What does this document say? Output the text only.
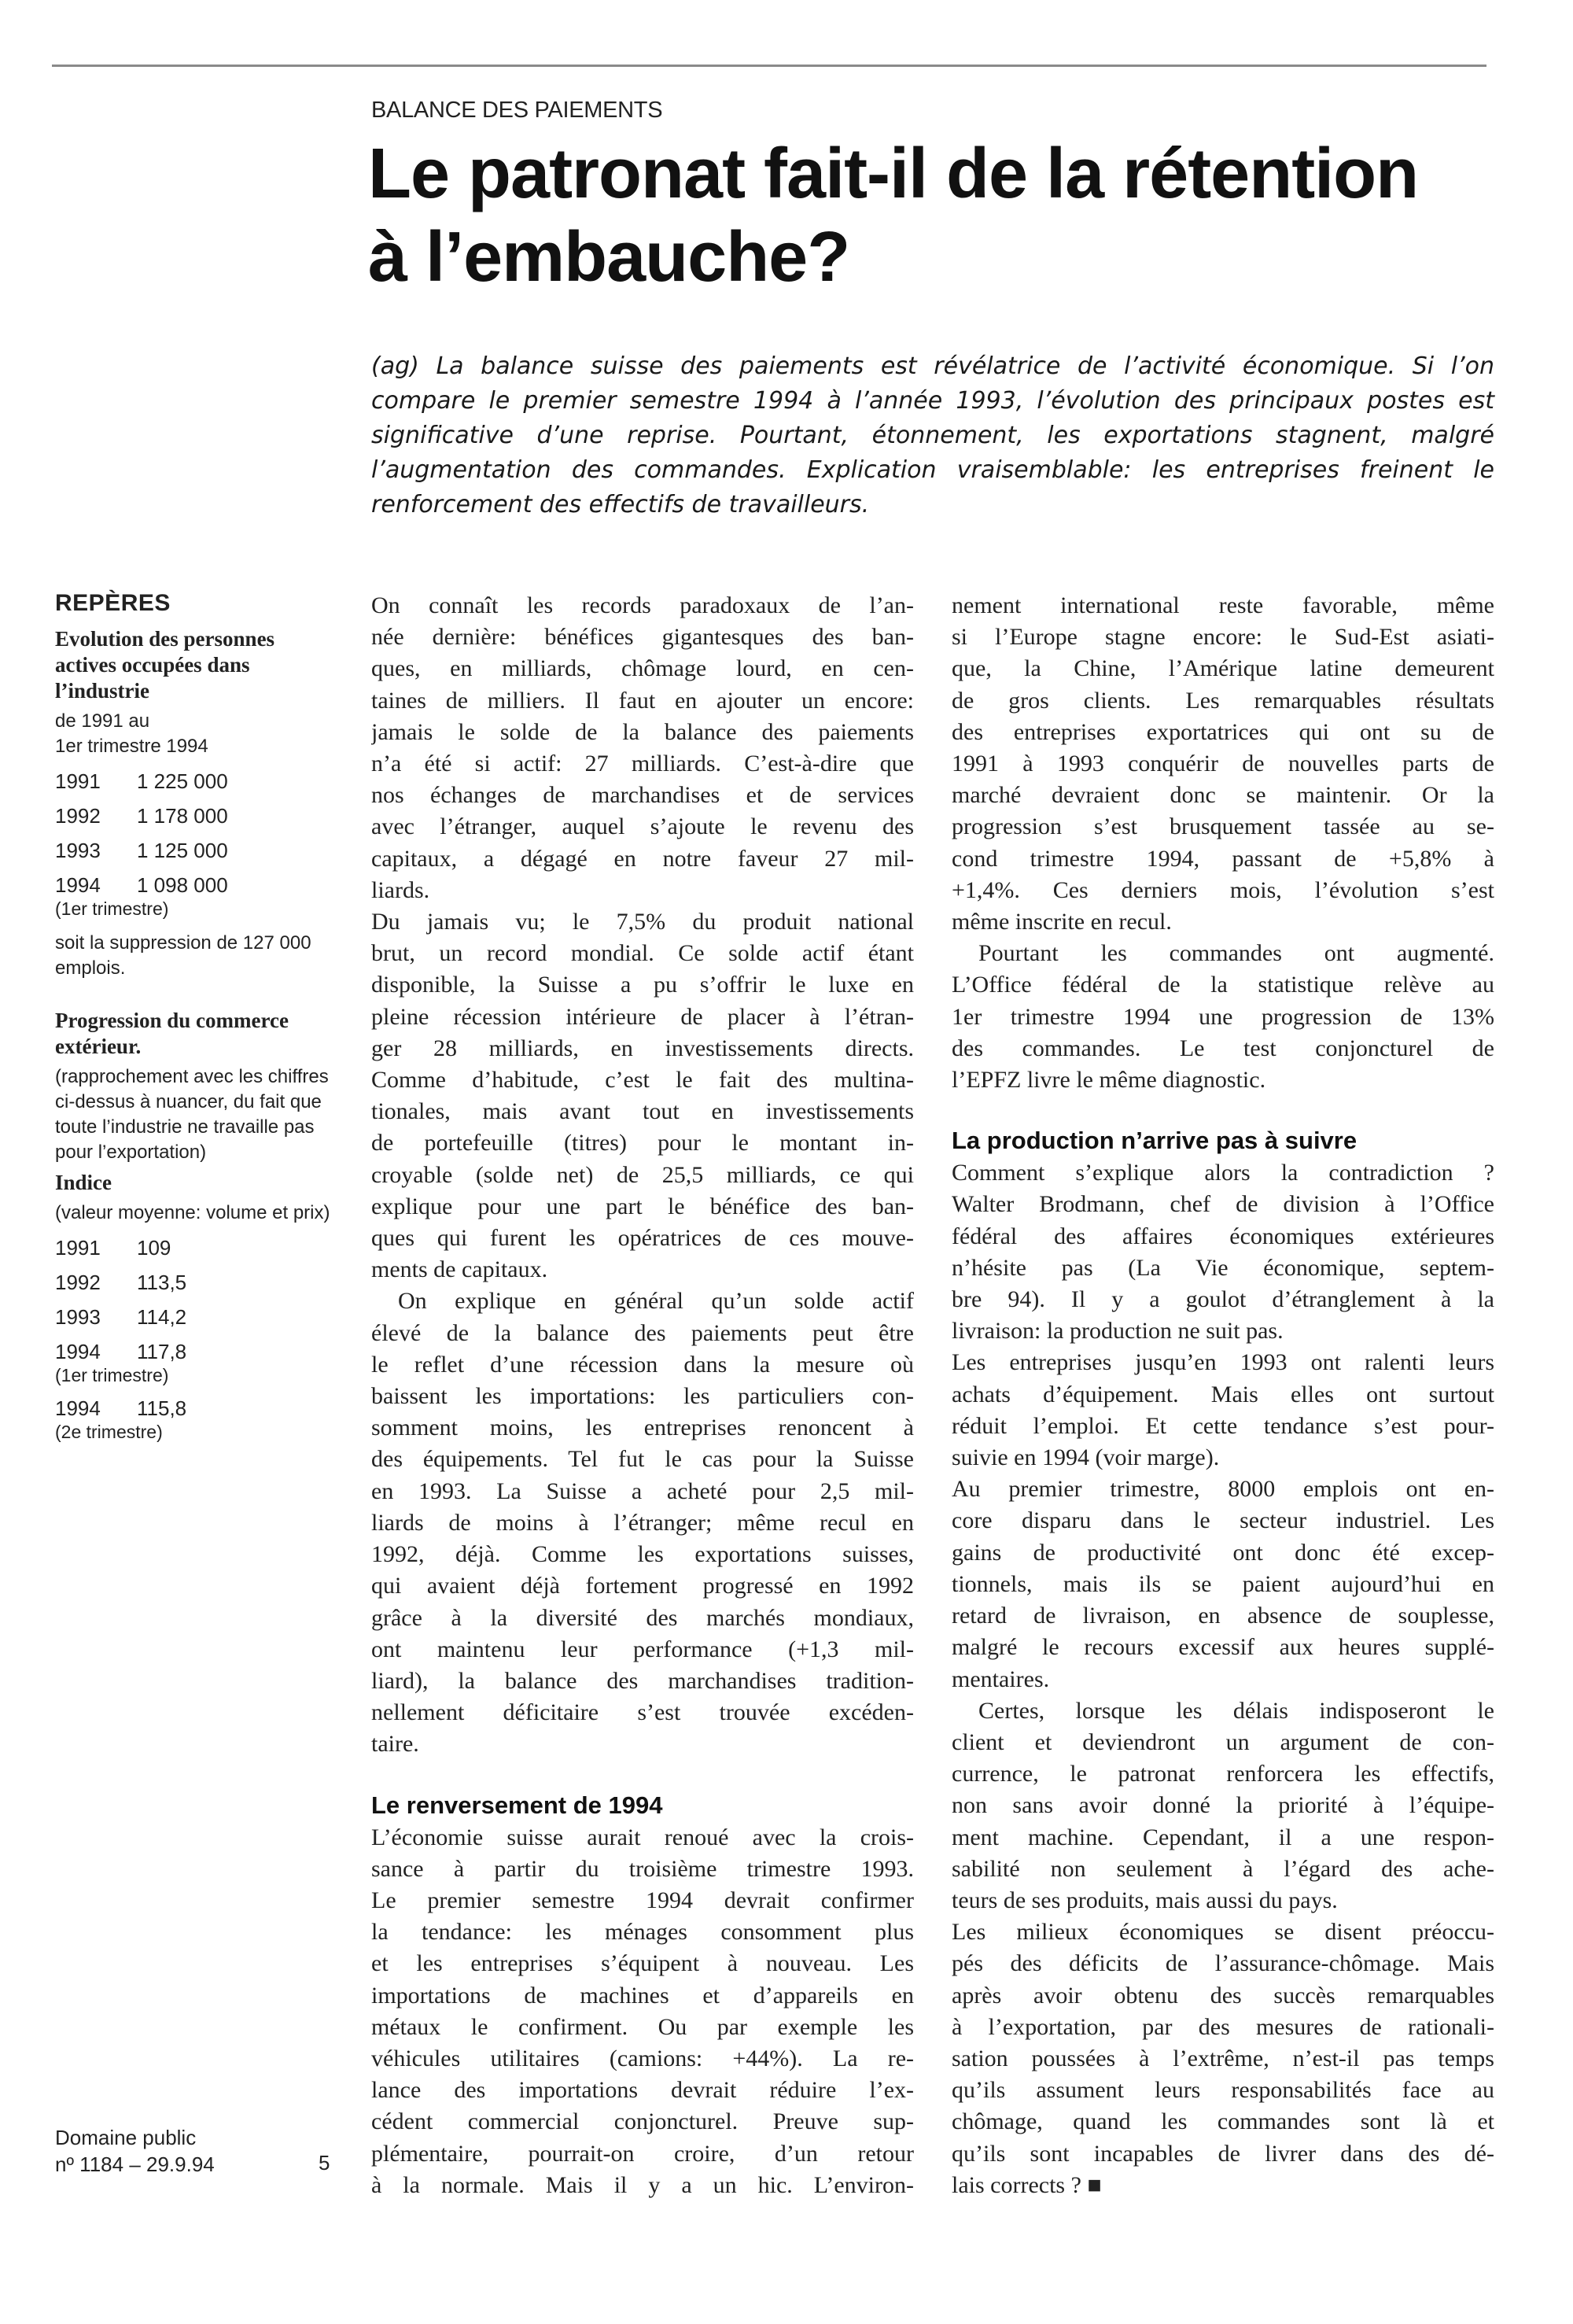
BALANCE DES PAIEMENTS
Le patronat fait-il de la rétention
à l’embauche?
(ag) La balance suisse des paiements est révélatrice de l’activité économique. Si l’on
compare le premier semestre 1994 à l’année 1993, l’évolution des principaux postes est
significative d’une reprise. Pourtant, étonnement, les exportations stagnent, malgré
l’augmentation des commandes. Explication vraisemblable: les entreprises freinent le
renforcement des effectifs de travailleurs.
REPÈRES
Evolution des personnes actives occupées dans l’industrie
de 1991 au
1er trimestre 1994
1991	1 225 000
1992	1 178 000
1993	1 125 000
1994	1 098 000
(1er trimestre)
soit la suppression de 127 000 emplois.
Progression du commerce extérieur.
(rapprochement avec les chiffres ci-dessus à nuancer, du fait que toute l’industrie ne travaille pas pour l’exportation)
Indice
(valeur moyenne: volume et prix)
1991	109
1992	113,5
1993	114,2
1994	117,8
(1er trimestre)
1994	115,8
(2e trimestre)
On connaît les records paradoxaux de l’an-
née dernière: bénéfices gigantesques des ban-
ques, en milliards, chômage lourd, en cen-
taines de milliers. Il faut en ajouter un encore:
jamais le solde de la balance des paiements
n’a été si actif: 27 milliards. C’est-à-dire que
nos échanges de marchandises et de services
avec l’étranger, auquel s’ajoute le revenu des
capitaux, a dégagé en notre faveur 27 mil-
liards.
Du jamais vu; le 7,5% du produit national
brut, un record mondial. Ce solde actif étant
disponible, la Suisse a pu s’offrir le luxe en
pleine récession intérieure de placer à l’étran-
ger 28 milliards, en investissements directs.
Comme d’habitude, c’est le fait des multina-
tionales, mais avant tout en investissements
de portefeuille (titres) pour le montant in-
croyable (solde net) de 25,5 milliards, ce qui
explique pour une part le bénéfice des ban-
ques qui furent les opératrices de ces mouve-
ments de capitaux.
On explique en général qu’un solde actif
élevé de la balance des paiements peut être
le reflet d’une récession dans la mesure où
baissent les importations: les particuliers con-
somment moins, les entreprises renoncent à
des équipements. Tel fut le cas pour la Suisse
en 1993. La Suisse a acheté pour 2,5 mil-
liards de moins à l’étranger; même recul en
1992, déjà. Comme les exportations suisses,
qui avaient déjà fortement progressé en 1992
grâce à la diversité des marchés mondiaux,
ont maintenu leur performance (+1,3 mil-
liard), la balance des marchandises tradition-
nellement déficitaire s’est trouvée excéden-
taire.
Le renversement de 1994
L’économie suisse aurait renoué avec la crois-
sance à partir du troisième trimestre 1993.
Le premier semestre 1994 devrait confirmer
la tendance: les ménages consomment plus
et les entreprises s’équipent à nouveau. Les
importations de machines et d’appareils en
métaux le confirment. Ou par exemple les
véhicules utilitaires (camions: +44%). La re-
lance des importations devrait réduire l’ex-
cédent commercial conjoncturel. Preuve sup-
plémentaire, pourrait-on croire, d’un retour
à la normale. Mais il y a un hic. L’environ-
nement international reste favorable, même
si l’Europe stagne encore: le Sud-Est asiati-
que, la Chine, l’Amérique latine demeurent
de gros clients. Les remarquables résultats
des entreprises exportatrices qui ont su de
1991 à 1993 conquérir de nouvelles parts de
marché devraient donc se maintenir. Or la
progression s’est brusquement tassée au se-
cond trimestre 1994, passant de +5,8% à
+1,4%. Ces derniers mois, l’évolution s’est
même inscrite en recul.
Pourtant les commandes ont augmenté.
L’Office fédéral de la statistique relève au
1er trimestre 1994 une progression de 13%
des commandes. Le test conjoncturel de
l’EPFZ livre le même diagnostic.
La production n’arrive pas à suivre
Comment s’explique alors la contradiction ?
Walter Brodmann, chef de division à l’Office
fédéral des affaires économiques extérieures
n’hésite pas (La Vie économique, septem-
bre 94). Il y a goulot d’étranglement à la
livraison: la production ne suit pas.
Les entreprises jusqu’en 1993 ont ralenti leurs
achats d’équipement. Mais elles ont surtout
réduit l’emploi. Et cette tendance s’est pour-
suivie en 1994 (voir marge).
Au premier trimestre, 8000 emplois ont en-
core disparu dans le secteur industriel. Les
gains de productivité ont donc été excep-
tionnels, mais ils se paient aujourd’hui en
retard de livraison, en absence de souplesse,
malgré le recours excessif aux heures supplé-
mentaires.
Certes, lorsque les délais indisposeront le
client et deviendront un argument de con-
currence, le patronat renforcera les effectifs,
non sans avoir donné la priorité à l’équipe-
ment machine. Cependant, il a une respon-
sabilité non seulement à l’égard des ache-
teurs de ses produits, mais aussi du pays.
Les milieux économiques se disent préoccu-
pés des déficits de l’assurance-chômage. Mais
après avoir obtenu des succès remarquables
à l’exportation, par des mesures de rationali-
sation poussées à l’extrême, n’est-il pas temps
qu’ils assument leurs responsabilités face au
chômage, quand les commandes sont là et
qu’ils sont incapables de livrer dans des dé-
lais corrects ? ■
Domaine public
nº 1184 – 29.9.94	5
